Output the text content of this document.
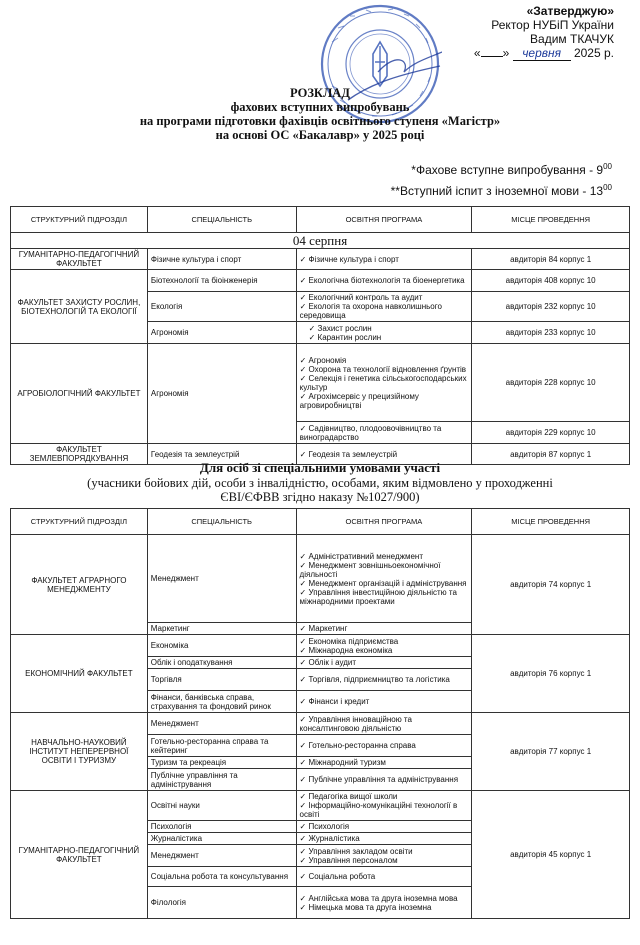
«Затверджую»
Ректор НУБіП України
Вадим ТКАЧУК
« » червня 2025 р.
РОЗКЛАД
фахових вступних випробувань
на програми підготовки фахівців освітнього ступеня «Магістр»
на основі ОС «Бакалавр» у 2025 році
*Фахове вступне випробування - $9^{00}$
**Вступний іспит з іноземної мови - $13^{00}$
СТРУКТУРНИЙ ПІДРОЗДІЛ	СПЕЦІАЛЬНІСТЬ	ОСВІТНЯ ПРОГРАМА	МІСЦЕ ПРОВЕДЕННЯ
04 серпня			
ГУМАНІТАРНО-ПЕДАГОГІЧНИЙ ФАКУЛЬТЕТ	Фізичне культура і спорт	✓ Фізичне культура і спорт	авдиторія 84 корпус 1
ФАКУЛЬТЕТ ЗАХИСТУ РОСЛИН, БІОТЕХНОЛОГІЙ ТА ЕКОЛОГІЇ	Біотехнології та біоінженерія	✓ Екологічна біотехнологія та біоенергетика	авдиторія 408 корпус 10
	Екологія	✓ Екологічний контроль та аудит
✓ Екологія та охорона навколишнього середовища	авдиторія 232 корпус 10
	Агрономія	✓ Захист рослин
✓ Карантин рослин	авдиторія 233 корпус 10
АГРОБІОЛОГІЧНИЙ ФАКУЛЬТЕТ	Агрономія	✓ Агрономія
✓ Охорона та технології відновлення ґрунтів
✓ Селекція і генетика сільськогосподарських культур
✓ Агрохімсервіс у прецизійному агровиробництві	авдиторія 228 корпус 10
		✓ Садівництво, плодоовочівництво та виноградарство	авдиторія 229 корпус 10
ФАКУЛЬТЕТ ЗЕМЛЕВПОРЯДКУВАННЯ	Геодезія та землеустрій	✓ Геодезія та землеустрій	авдиторія 87 корпус 1
Для осіб зі спеціальними умовами участі
(учасники бойових дій, особи з інвалідністю, особами, яким відмовлено у проходженні
ЄВІ/ЄФВВ згідно наказу №1027/900)
СТРУКТУРНИЙ ПІДРОЗДІЛ	СПЕЦІАЛЬНІСТЬ	ОСВІТНЯ ПРОГРАМА	МІСЦЕ ПРОВЕДЕННЯ
ФАКУЛЬТЕТ АГРАРНОГО МЕНЕДЖМЕНТУ	Менеджмент	✓ Адміністративний менеджмент
✓ Менеджмент зовнішньоекономічної діяльності
✓ Менеджмент організацій і адміністрування
✓ Управління інвестиційною діяльністю та міжнародними проектами	авдиторія 74 корпус 1
	Маркетинг	✓ Маркетинг
ЕКОНОМІЧНИЙ ФАКУЛЬТЕТ	Економіка	✓ Економіка підприємства
✓ Міжнародна економіка	авдиторія 76 корпус 1
	Облік і оподаткування	✓ Облік і аудит
	Торгівля	✓ Торгівля, підприємництво та логістика
	Фінанси, банківська справа, страхування та фондовий ринок	✓ Фінанси і кредит
НАВЧАЛЬНО-НАУКОВИЙ ІНСТИТУТ НЕПЕРЕРВНОЇ ОСВІТИ І ТУРИЗМУ	Менеджмент	✓ Управління інноваційною та консалтинговою діяльністю	авдиторія 77 корпус 1
	Готельно-ресторанна справа та кейтеринг	✓ Готельно-ресторанна справа
	Туризм та рекреація	✓ Міжнародний туризм
	Публічне управління та адміністрування	✓ Публічне управління та адміністрування
ГУМАНІТАРНО-ПЕДАГОГІЧНИЙ ФАКУЛЬТЕТ	Освітні науки	✓ Педагогіка вищої школи
✓ Інформаційно-комунікаційні технології в освіті	авдиторія 45 корпус 1
	Психологія	✓ Психологія
	Журналістика	✓ Журналістика
	Менеджмент	✓ Управління закладом освіти
✓ Управління персоналом

	Соціальна робота та консультування	✓ Соціальна робота
	Філологія	✓ Англійська мова та друга іноземна мова
✓ Німецька мова та друга іноземна
